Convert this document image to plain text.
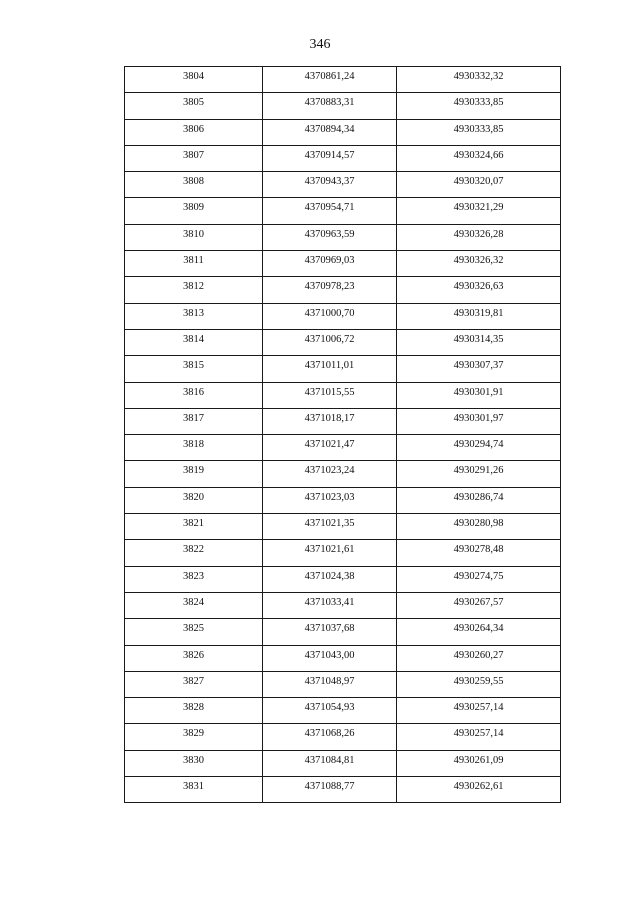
346
3804	4370861,24	4930332,32
3805	4370883,31	4930333,85
3806	4370894,34	4930333,85
3807	4370914,57	4930324,66
3808	4370943,37	4930320,07
3809	4370954,71	4930321,29
3810	4370963,59	4930326,28
3811	4370969,03	4930326,32
3812	4370978,23	4930326,63
3813	4371000,70	4930319,81
3814	4371006,72	4930314,35
3815	4371011,01	4930307,37
3816	4371015,55	4930301,91
3817	4371018,17	4930301,97
3818	4371021,47	4930294,74
3819	4371023,24	4930291,26
3820	4371023,03	4930286,74
3821	4371021,35	4930280,98
3822	4371021,61	4930278,48
3823	4371024,38	4930274,75
3824	4371033,41	4930267,57
3825	4371037,68	4930264,34
3826	4371043,00	4930260,27
3827	4371048,97	4930259,55
3828	4371054,93	4930257,14
3829	4371068,26	4930257,14
3830	4371084,81	4930261,09
3831	4371088,77	4930262,61
